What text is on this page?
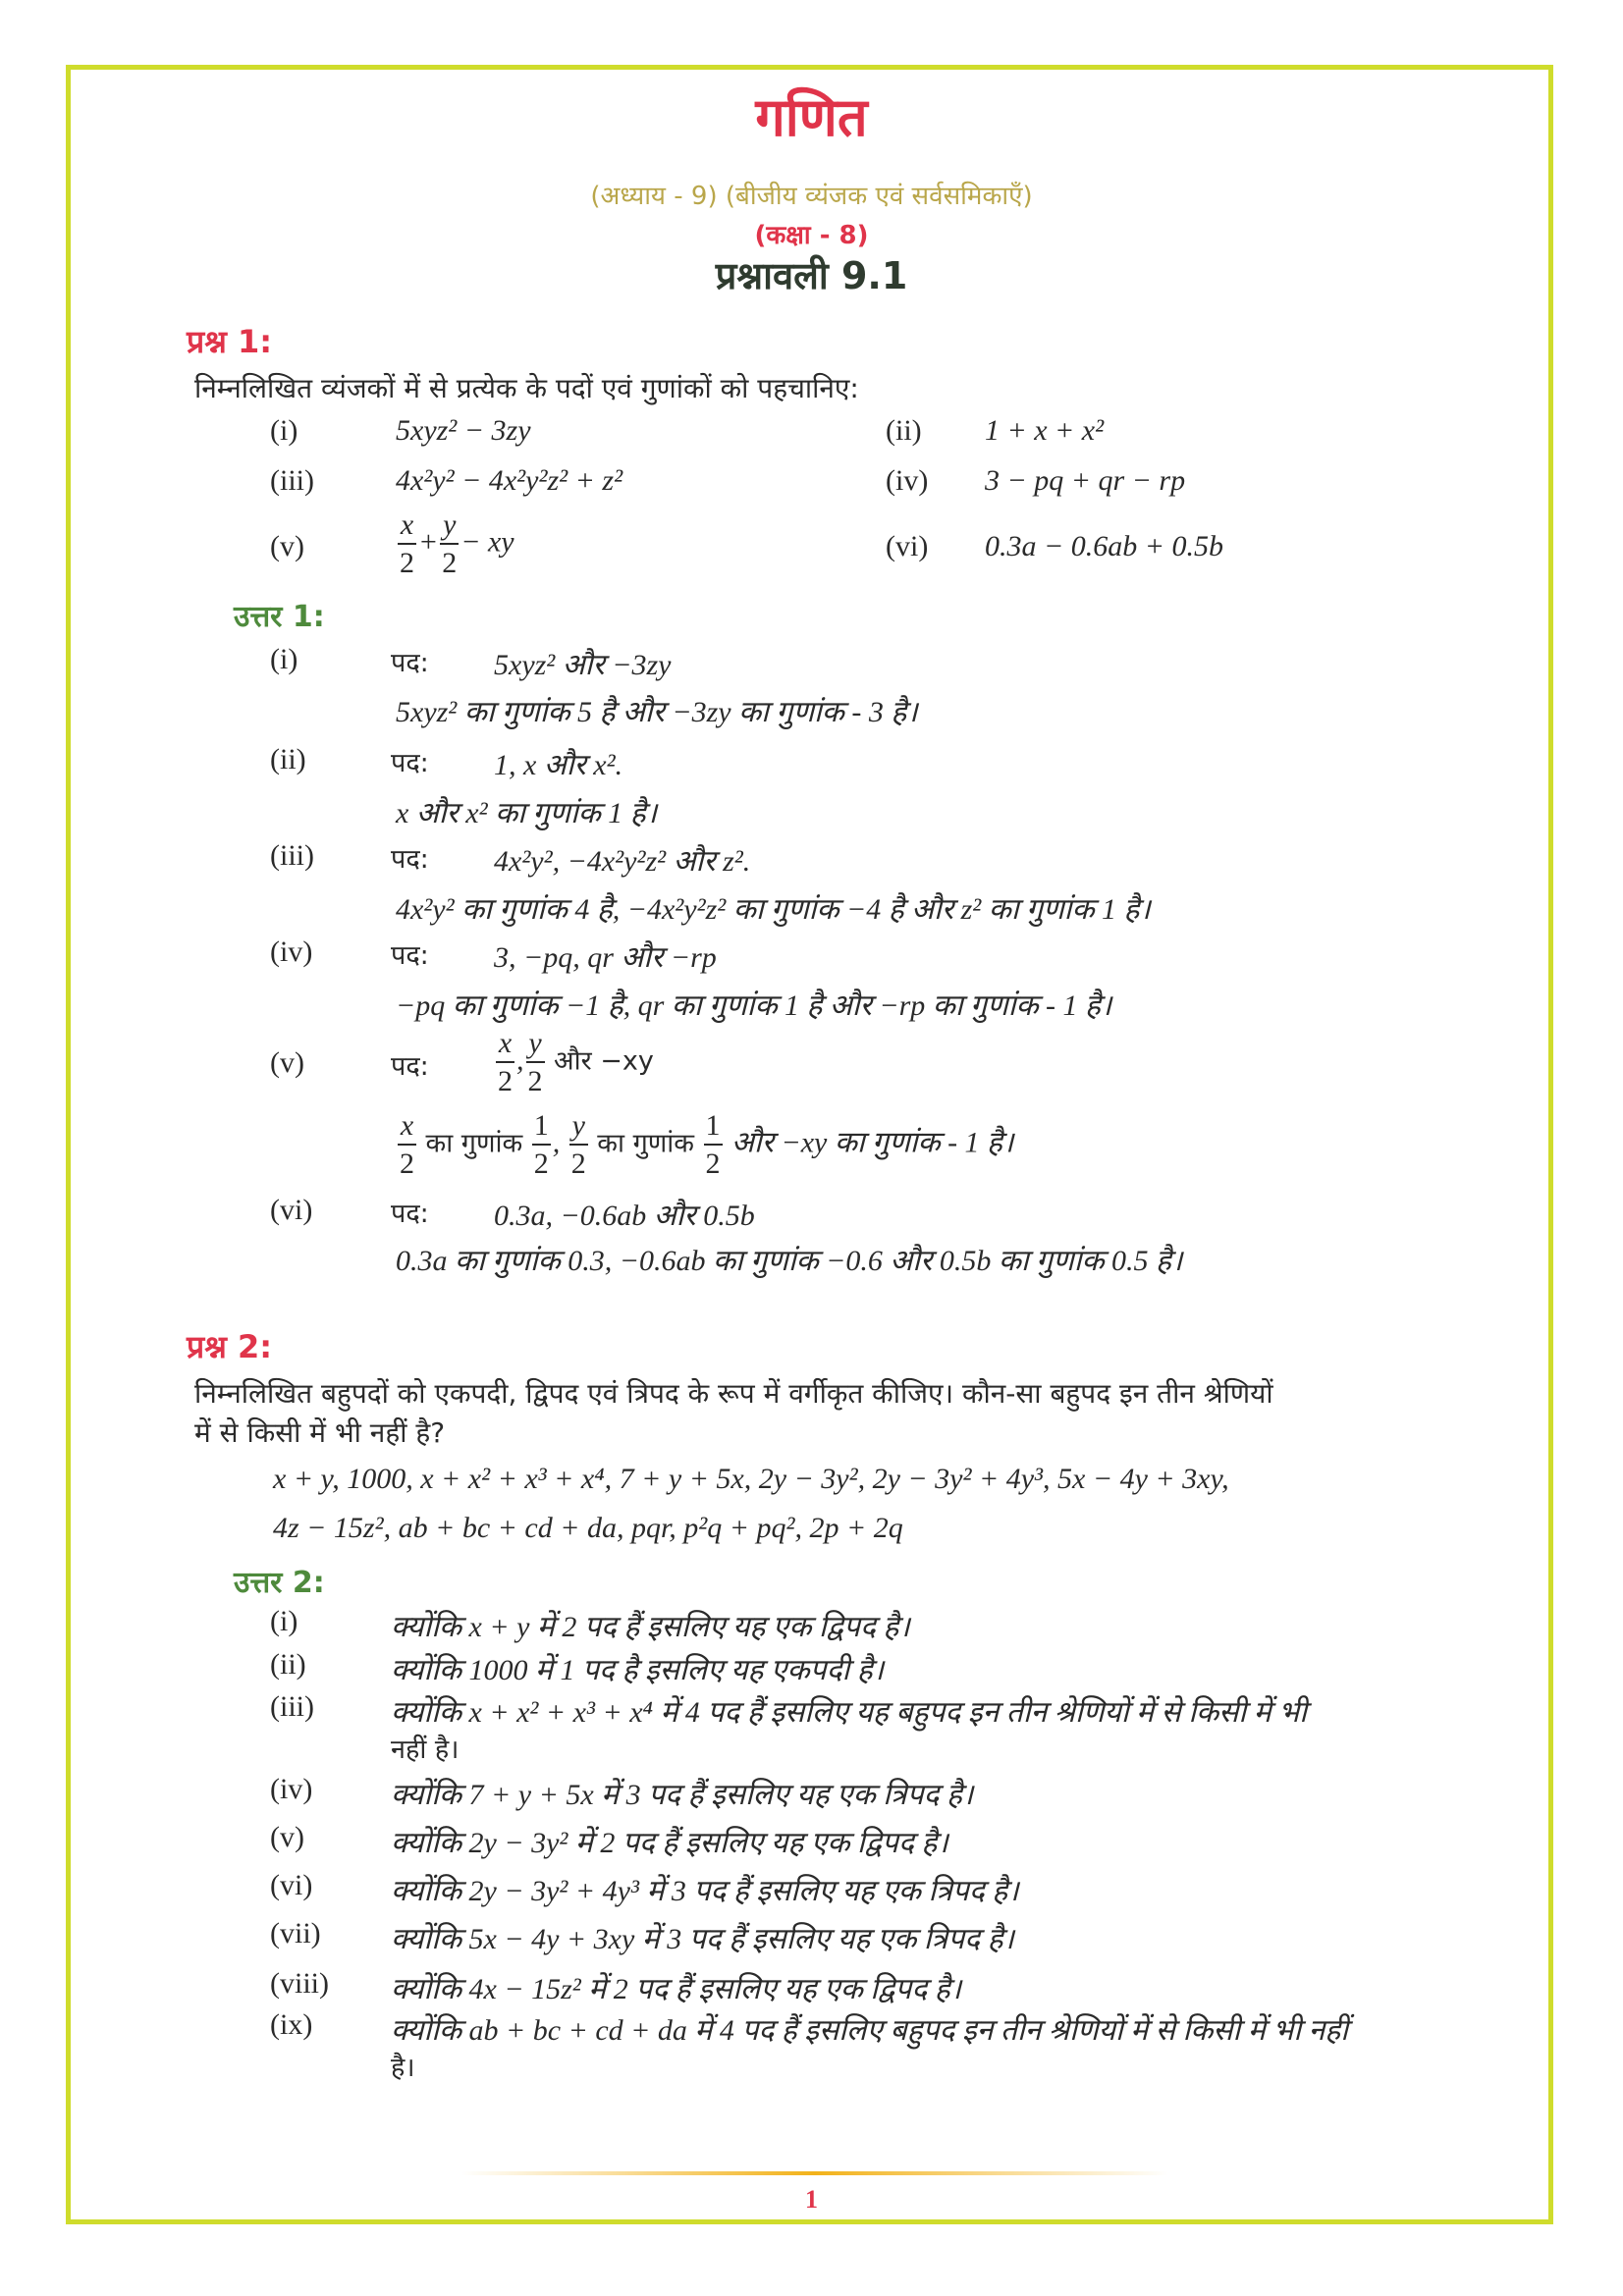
गणित
(अध्याय - 9) (बीजीय व्यंजक एवं सर्वसमिकाएँ)
(कक्षा - 8)
प्रश्नावली 9.1
प्रश्न 1:
निम्नलिखित व्यंजकों में से प्रत्येक के पदों एवं गुणांकों को पहचानिए:
(i)	5xyz² − 3zy	(ii) 1 + x + x²
(iii)	4x²y² − 4x²y²z² + z²	(iv) 3 − pq + qr − rp
(v)	$\frac{x}{2} + \frac{y}{2}$ − xy	(vi) 0.3a − 0.6ab + 0.5b
उत्तर 1:
(i)	पद: 5xyz² और −3zy
5xyz² का गुणांक 5 है और −3zy का गुणांक - 3 है।
(ii)	पद: 1, x और x².
x और x² का गुणांक 1 है।
(iii)	पद: 4x²y², −4x²y²z² और z².
4x²y² का गुणांक 4 है, −4x²y²z² का गुणांक −4 है और z² का गुणांक 1 है।
(iv)	पद: 3, −pq, qr और −rp
−pq का गुणांक −1 है, qr का गुणांक 1 है और −rp का गुणांक - 1 है।
(v)	पद: $\frac{x}{2}$ , $\frac{y}{2}$ और −xy
$\frac{x}{2}$ का गुणांक $\frac{1}{2}$ , $\frac{y}{2}$ का गुणांक $\frac{1}{2}$ और −xy का गुणांक - 1 है।
(vi)	पद: 0.3a, −0.6ab और 0.5b
0.3a का गुणांक 0.3, −0.6ab का गुणांक −0.6 और 0.5b का गुणांक 0.5 है।
प्रश्न 2:
निम्नलिखित बहुपदों को एकपदी, द्विपद एवं त्रिपद के रूप में वर्गीकृत कीजिए। कौन-सा बहुपद इन तीन श्रेणियों
में से किसी में भी नहीं है?
x + y, 1000, x + x² + x³ + x⁴, 7 + y + 5x, 2y − 3y², 2y − 3y² + 4y³, 5x − 4y + 3xy,
4z − 15z², ab + bc + cd + da, pqr, p²q + pq², 2p + 2q
उत्तर 2:
(i)	क्योंकि x + y में 2 पद हैं इसलिए यह एक द्विपद है।
(ii)	क्योंकि 1000 में 1 पद है इसलिए यह एकपदी है।
(iii)	क्योंकि x + x² + x³ + x⁴ में 4 पद हैं इसलिए यह बहुपद इन तीन श्रेणियों में से किसी में भी
नहीं है।
(iv)	क्योंकि 7 + y + 5x में 3 पद हैं इसलिए यह एक त्रिपद है।
(v)	क्योंकि 2y − 3y² में 2 पद हैं इसलिए यह एक द्विपद है।
(vi)	क्योंकि 2y − 3y² + 4y³ में 3 पद हैं इसलिए यह एक त्रिपद है।
(vii) क्योंकि 5x − 4y + 3xy में 3 पद हैं इसलिए यह एक त्रिपद है।
(viii) क्योंकि 4x − 15z² में 2 पद हैं इसलिए यह एक द्विपद है।
(ix)	क्योंकि ab + bc + cd + da में 4 पद हैं इसलिए बहुपद इन तीन श्रेणियों में से किसी में भी नहीं
है।
1
